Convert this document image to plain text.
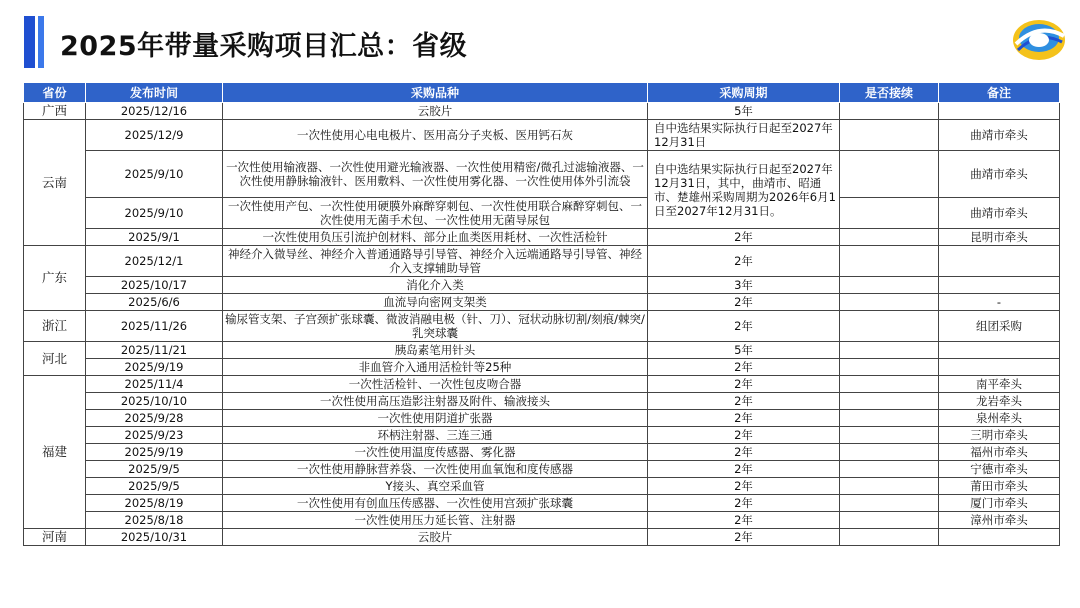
2025年带量采购项目汇总：省级
省份	发布时间	采购品种	采购周期	是否接续	备注
广西	2025/12/16	云胶片	5年		
云南	2025/12/9	一次性使用心电电极片、医用高分子夹板、医用钙石灰	自中选结果实际执行日起至2027年12月31日		曲靖市牵头
	2025/9/10	一次性使用输液器、一次性使用避光输液器、一次性使用精密/微孔过滤输液器、一次性使用静脉输液针、医用敷料、一次性使用雾化器、一次性使用体外引流袋	自中选结果实际执行日起至2027年12月31日，其中，曲靖市、昭通市、楚雄州采购周期为2026年6月1日至2027年12月31日。		曲靖市牵头
	2025/9/10	一次性使用产包、一次性使用硬膜外麻醉穿刺包、一次性使用联合麻醉穿刺包、一次性使用无菌手术包、一次性使用无菌导尿包			曲靖市牵头
	2025/9/1	一次性使用负压引流护创材料、部分止血类医用耗材、一次性活检针	2年		昆明市牵头
广东	2025/12/1	神经介入微导丝、神经介入普通通路导引导管、神经介入远端通路导引导管、神经介入支撑辅助导管	2年		
	2025/10/17	消化介入类	3年		
	2025/6/6	血流导向密网支架类	2年		-
浙江	2025/11/26	输尿管支架、子宫颈扩张球囊、微波消融电极（针、刀）、冠状动脉切割/刻痕/棘突/乳突球囊	2年		组团采购
河北	2025/11/21	胰岛素笔用针头	5年		
	2025/9/19	非血管介入通用活检针等25种	2年		
福建	2025/11/4	一次性活检针、一次性包皮吻合器	2年		南平牵头
	2025/10/10	一次性使用高压造影注射器及附件、输液接头	2年		龙岩牵头
	2025/9/28	一次性使用阴道扩张器	2年		泉州牵头
	2025/9/23	环柄注射器、三连三通	2年		三明市牵头
	2025/9/19	一次性使用温度传感器、雾化器	2年		福州市牵头
	2025/9/5	一次性使用静脉营养袋、一次性使用血氧饱和度传感器	2年		宁德市牵头
	2025/9/5	Y接头、真空采血管	2年		莆田市牵头
	2025/8/19	一次性使用有创血压传感器、一次性使用宫颈扩张球囊	2年		厦门市牵头
	2025/8/18	一次性使用压力延长管、注射器	2年		漳州市牵头
河南	2025/10/31	云胶片	2年		
